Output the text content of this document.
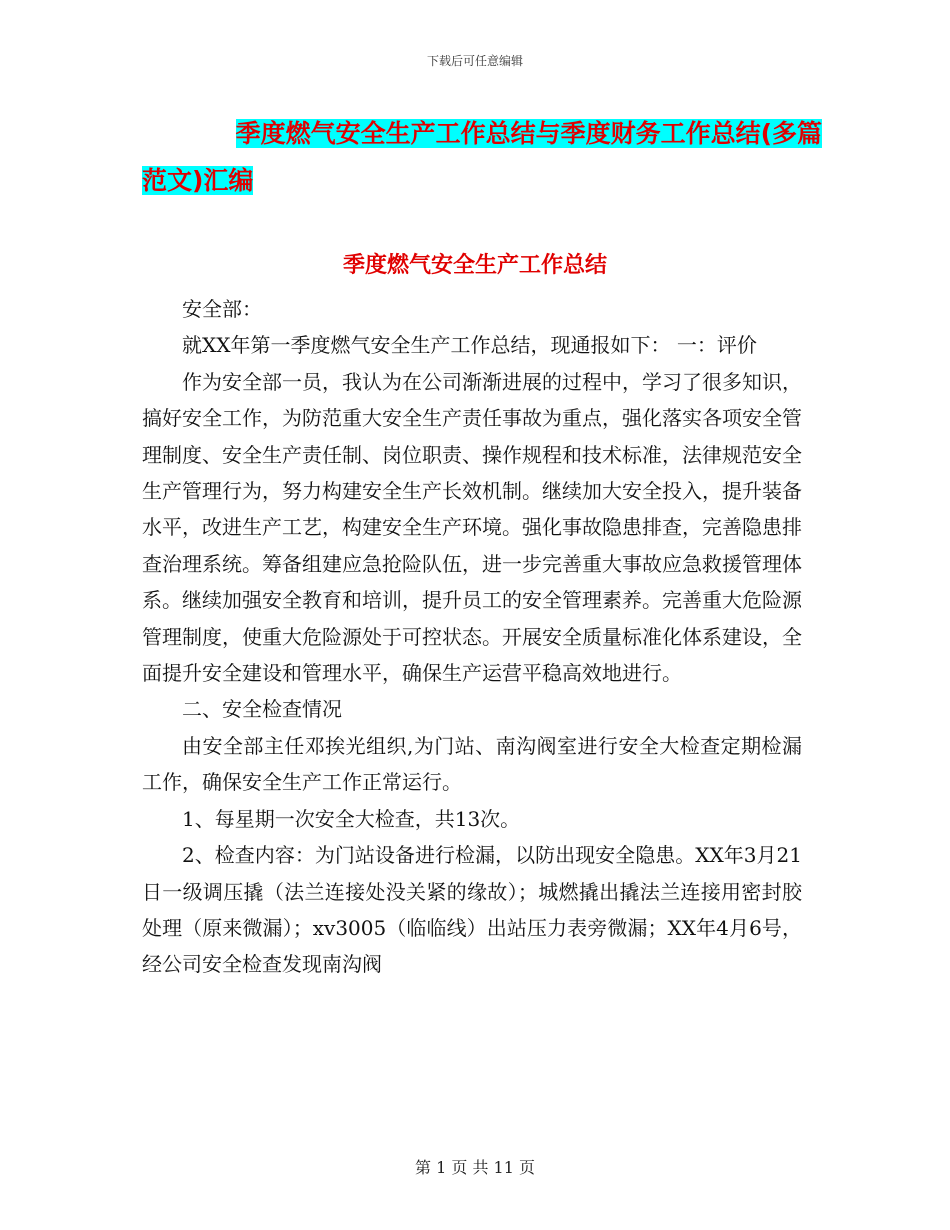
下载后可任意编辑
季度燃气安全生产工作总结与季度财务工作总结(多篇
范文)汇编
季度燃气安全生产工作总结

安全部：

就XX年第一季度燃气安全生产工作总结，现通报如下： 一：评价

作为安全部一员，我认为在公司渐渐进展的过程中，学习了很多知识，搞好安全工作，为防范重大安全生产责任事故为重点，强化落实各项安全管理制度、安全生产责任制、岗位职责、操作规程和技术标准，法律规范安全生产管理行为，努力构建安全生产长效机制。继续加大安全投入，提升装备水平，改进生产工艺，构建安全生产环境。强化事故隐患排查，完善隐患排查治理系统。筹备组建应急抢险队伍，进一步完善重大事故应急救援管理体系。继续加强安全教育和培训，提升员工的安全管理素养。完善重大危险源管理制度，使重大危险源处于可控状态。开展安全质量标准化体系建设，全面提升安全建设和管理水平，确保生产运营平稳高效地进行。

二、安全检查情况

由安全部主任邓挨光组织,为门站、南沟阀室进行安全大检查定期检漏工作，确保安全生产工作正常运行。

1、每星期一次安全大检查，共13次。

2、检查内容：为门站设备进行检漏，以防出现安全隐患。XX年3月21日一级调压撬（法兰连接处没关紧的缘故）；城燃撬出撬法兰连接用密封胶处理（原来微漏）；xv3005（临临线）出站压力表旁微漏；XX年4月6号，经公司安全检查发现南沟阀

第 1 页 共 11 页
